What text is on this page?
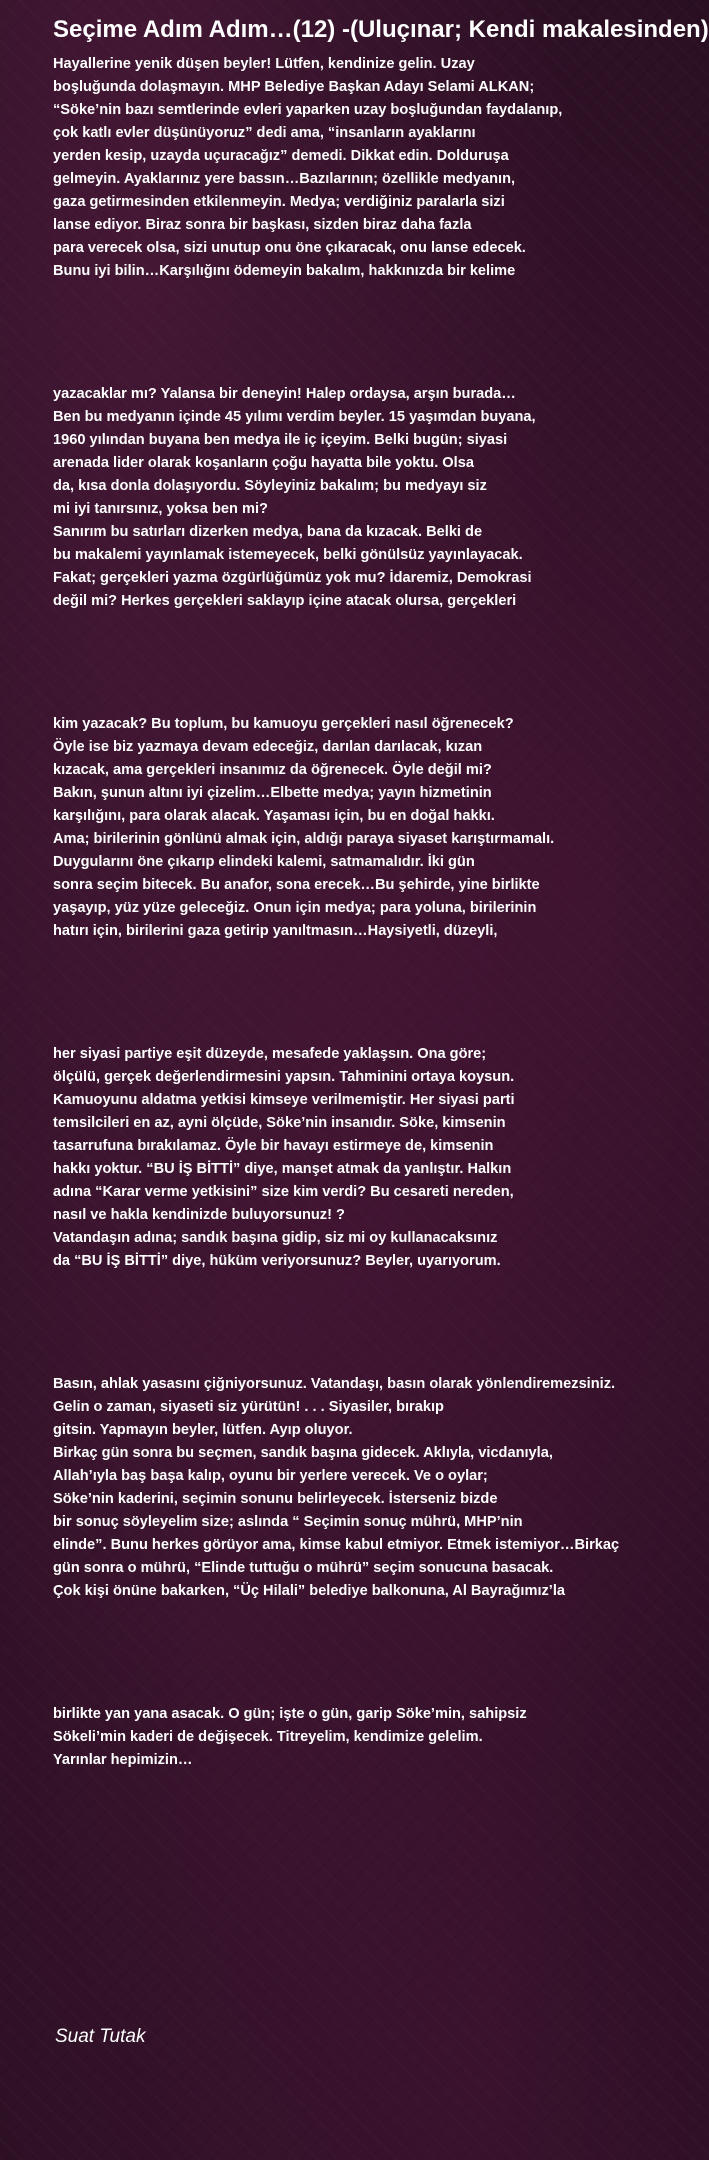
Seçime Adım Adım…(12) -(Uluçınar; Kendi makalesinden)
Hayallerine yenik düşen beyler! Lütfen, kendinize gelin. Uzay
boşluğunda dolaşmayın. MHP Belediye Başkan Adayı Selami ALKAN;
“Söke’nin bazı semtlerinde evleri yaparken uzay boşluğundan faydalanıp,
çok katlı evler düşünüyoruz” dedi ama, “insanların ayaklarını
yerden kesip, uzayda uçuracağız” demedi. Dikkat edin. Dolduruşa
gelmeyin. Ayaklarınız yere bassın…Bazılarının; özellikle medyanın,
gaza getirmesinden etkilenmeyin. Medya; verdiğiniz paralarla sizi
lanse ediyor. Biraz sonra bir başkası, sizden biraz daha fazla
para verecek olsa, sizi unutup onu öne çıkaracak, onu lanse edecek.
Bunu iyi bilin…Karşılığını ödemeyin bakalım, hakkınızda bir kelime
yazacaklar mı? Yalansa bir deneyin! Halep ordaysa, arşın burada…
Ben bu medyanın içinde 45 yılımı verdim beyler. 15 yaşımdan buyana,
1960 yılından buyana ben medya ile iç içeyim. Belki bugün; siyasi
arenada lider olarak koşanların çoğu hayatta bile yoktu. Olsa
da, kısa donla dolaşıyordu. Söyleyiniz bakalım; bu medyayı siz
mi iyi tanırsınız, yoksa ben mi?
Sanırım bu satırları dizerken medya, bana da kızacak. Belki de
bu makalemi yayınlamak istemeyecek, belki gönülsüz yayınlayacak.
Fakat; gerçekleri yazma özgürlüğümüz yok mu? İdaremiz, Demokrasi
değil mi? Herkes gerçekleri saklayıp içine atacak olursa, gerçekleri
kim yazacak? Bu toplum, bu kamuoyu gerçekleri nasıl öğrenecek?
Öyle ise biz yazmaya devam edeceğiz, darılan darılacak, kızan
kızacak, ama gerçekleri insanımız da öğrenecek. Öyle değil mi?
Bakın, şunun altını iyi çizelim…Elbette medya; yayın hizmetinin
karşılığını, para olarak alacak. Yaşaması için, bu en doğal hakkı.
Ama; birilerinin gönlünü almak için, aldığı paraya siyaset karıştırmamalı.
Duygularını öne çıkarıp elindeki kalemi, satmamalıdır. İki gün
sonra seçim bitecek. Bu anafor, sona erecek…Bu şehirde, yine birlikte
yaşayıp, yüz yüze geleceğiz. Onun için medya; para yoluna, birilerinin
hatırı için, birilerini gaza getirip yanıltmasın…Haysiyetli, düzeyli,
her siyasi partiye eşit düzeyde, mesafede yaklaşsın. Ona göre;
ölçülü, gerçek değerlendirmesini yapsın. Tahminini ortaya koysun.
Kamuoyunu aldatma yetkisi kimseye verilmemiştir. Her siyasi parti
temsilcileri en az, ayni ölçüde, Söke’nin insanıdır. Söke, kimsenin
tasarrufuna bırakılamaz. Öyle bir havayı estirmeye de, kimsenin
hakkı yoktur. “BU İŞ BİTTİ” diye, manşet atmak da yanlıştır. Halkın
adına “Karar verme yetkisini” size kim verdi? Bu cesareti nereden,
nasıl ve hakla kendinizde buluyorsunuz! ?
Vatandaşın adına; sandık başına gidip, siz mi oy kullanacaksınız
da “BU İŞ BİTTİ” diye, hüküm veriyorsunuz? Beyler, uyarıyorum.
Basın, ahlak yasasını çiğniyorsunuz. Vatandaşı, basın olarak yönlendiremezsiniz.
Gelin o zaman, siyaseti siz yürütün! . . . Siyasiler, bırakıp
gitsin. Yapmayın beyler, lütfen. Ayıp oluyor.
Birkaç gün sonra bu seçmen, sandık başına gidecek. Aklıyla, vicdanıyla,
Allah’ıyla baş başa kalıp, oyunu bir yerlere verecek. Ve o oylar;
Söke’nin kaderini, seçimin sonunu belirleyecek. İsterseniz bizde
bir sonuç söyleyelim size; aslında “ Seçimin sonuç mührü, MHP’nin
elinde”. Bunu herkes görüyor ama, kimse kabul etmiyor. Etmek istemiyor…Birkaç
gün sonra o mührü, “Elinde tuttuğu o mührü” seçim sonucuna basacak.
Çok kişi önüne bakarken, “Üç Hilali” belediye balkonuna, Al Bayrağımız’la
birlikte yan yana asacak. O gün; işte o gün, garip Söke’min, sahipsiz
Sökeli’min kaderi de değişecek. Titreyelim, kendimize gelelim.
Yarınlar hepimizin…
Suat Tutak
